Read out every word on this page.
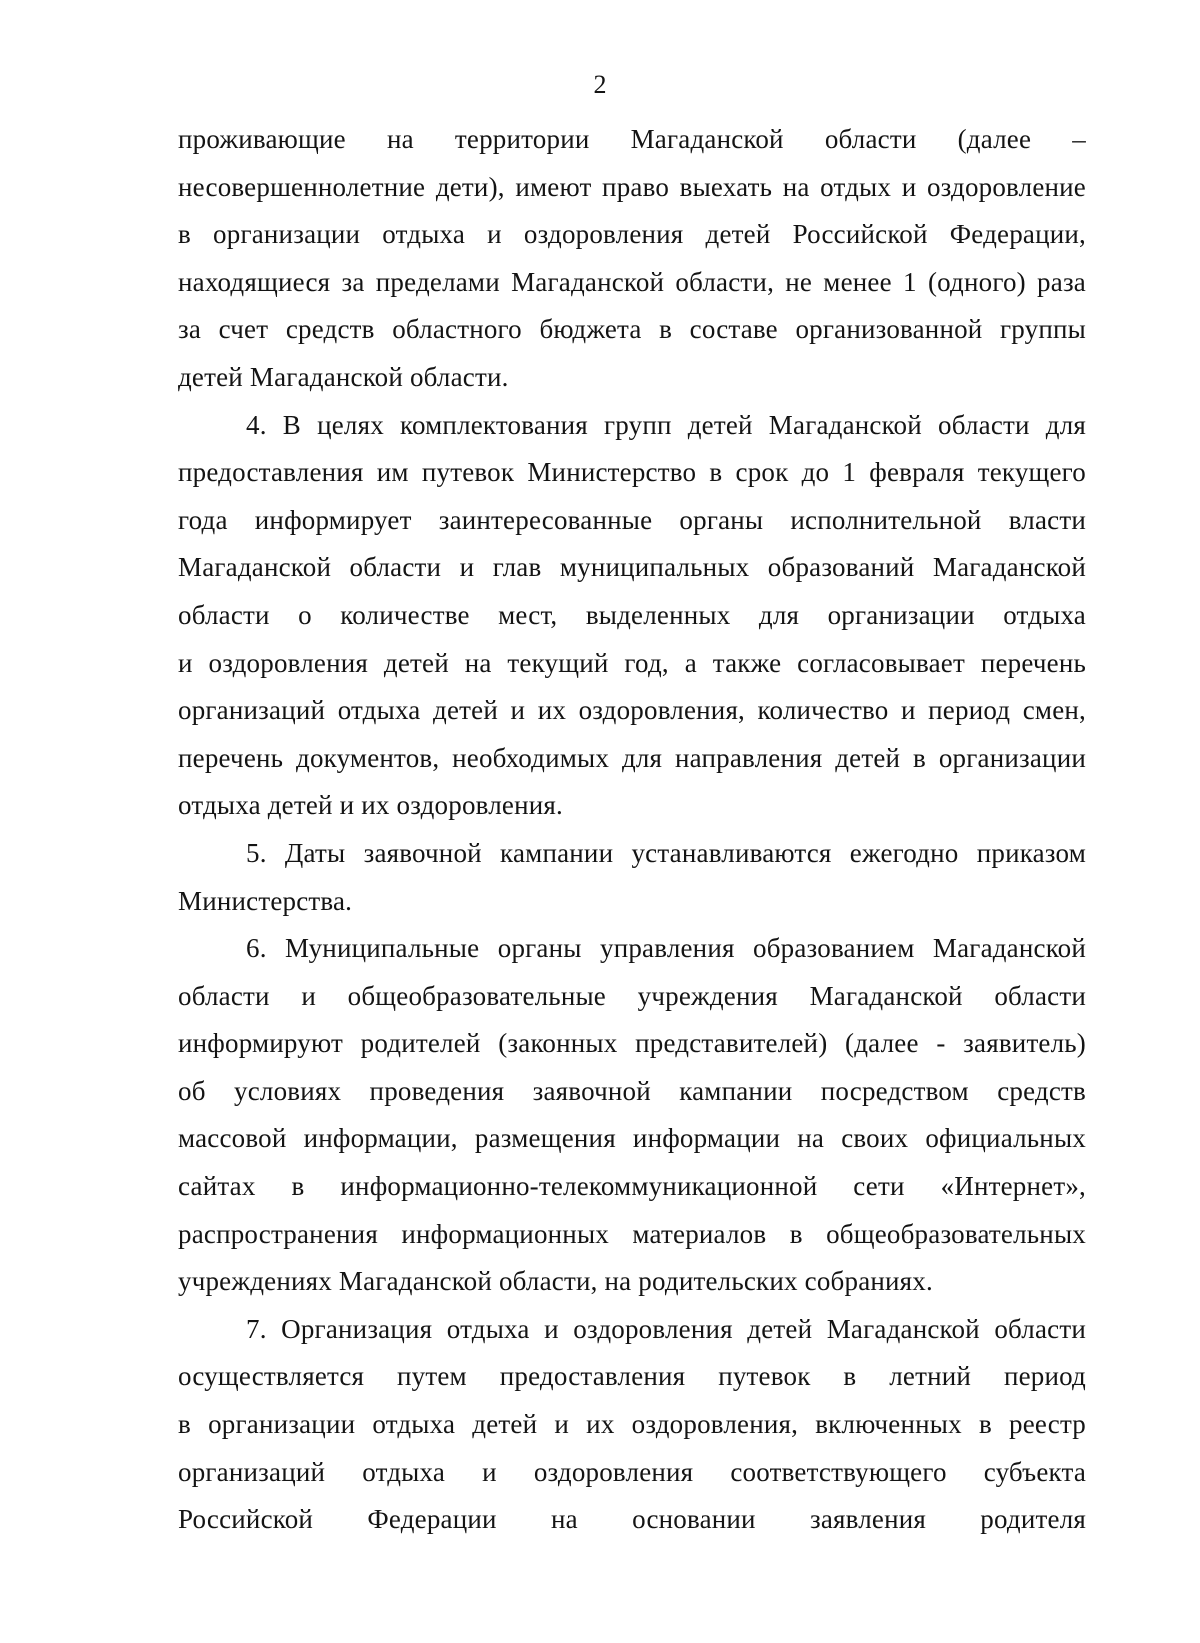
2
проживающие на территории Магаданской области (далее –
несовершеннолетние дети), имеют право выехать на отдых и оздоровление
в организации отдыха и оздоровления детей Российской Федерации,
находящиеся за пределами Магаданской области, не менее 1 (одного) раза
за счет средств областного бюджета в составе организованной группы
детей Магаданской области.
4. В целях комплектования групп детей Магаданской области для
предоставления им путевок Министерство в срок до 1 февраля текущего
года информирует заинтересованные органы исполнительной власти
Магаданской области и глав муниципальных образований Магаданской
области о количестве мест, выделенных для организации отдыха
и оздоровления детей на текущий год, а также согласовывает перечень
организаций отдыха детей и их оздоровления, количество и период смен,
перечень документов, необходимых для направления детей в организации
отдыха детей и их оздоровления.
5. Даты заявочной кампании устанавливаются ежегодно приказом
Министерства.
6. Муниципальные органы управления образованием Магаданской
области и общеобразовательные учреждения Магаданской области
информируют родителей (законных представителей) (далее - заявитель)
об условиях проведения заявочной кампании посредством средств
массовой информации, размещения информации на своих официальных
сайтах в информационно-телекоммуникационной сети «Интернет»,
распространения информационных материалов в общеобразовательных
учреждениях Магаданской области, на родительских собраниях.
7. Организация отдыха и оздоровления детей Магаданской области
осуществляется путем предоставления путевок в летний период
в организации отдыха детей и их оздоровления, включенных в реестр
организаций отдыха и оздоровления соответствующего субъекта
Российской Федерации на основании заявления родителя
